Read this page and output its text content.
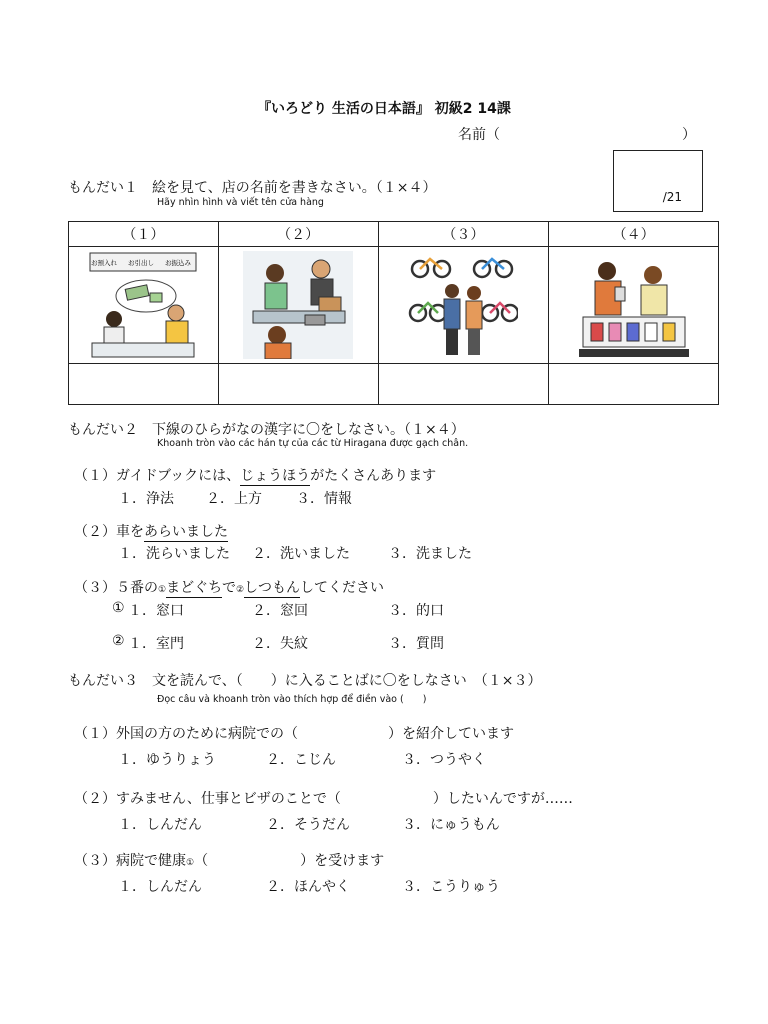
『いろどり 生活の日本語』 初級2 14課
名前（	）
/21
もんだい１　絵を見て、店の名前を書きなさい。（１×４）
Hãy nhìn hình và viết tên cửa hàng
（１）	（２）	（３）	（４）

お預入れ お引出し お振込み

もんだい２　下線のひらがなの漢字に〇をしなさい。（１×４）
Khoanh tròn vào các hán tự của các từ Hiragana được gạch chân.
（１）ガイドブックには、じょうほうがたくさんあります
１．浄法 ２．上方 ３．情報
（２）車をあらいました
１．洗らいました ２．洗いました	３．洗ました
（３）５番の①まどぐちで②しつもんしてください
① １．窓口	２．窓回	３．的口
② １．室門	２．失紋	３．質問
もんだい３　文を読んで、（　　）に入ることばに〇をしなさい　（１×３）
Đọc câu và khoanh tròn vào thích hợp để điền vào (　　)
（１）外国の方のために病院での（	）を紹介しています
１．ゆうりょう	２．こじん	３．つうやく
（２）すみません、仕事とビザのことで（	）したいんですが……
１．しんだん	２．そうだん	３．にゅうもん
（３）病院で健康①（	）を受けます
１．しんだん	２．ほんやく	３．こうりゅう
